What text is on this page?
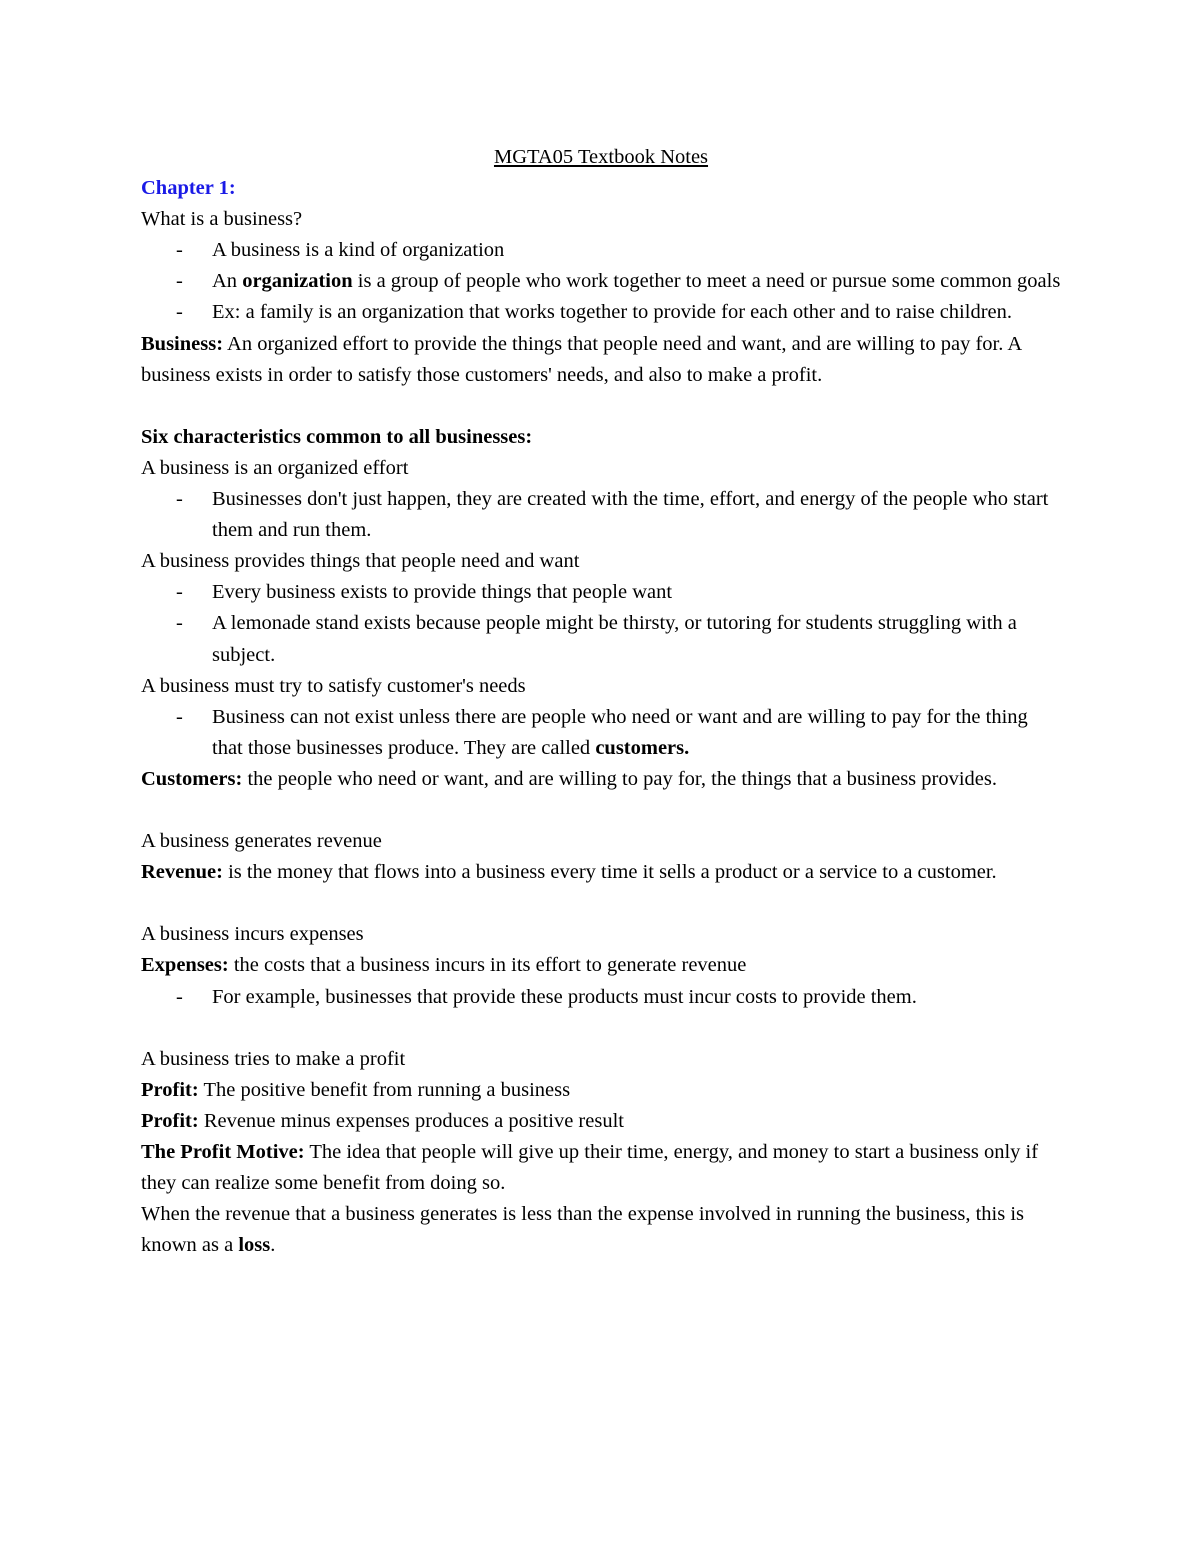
MGTA05 Textbook Notes

Chapter 1:

What is a business?

- A business is a kind of organization
- An organization is a group of people who work together to meet a need or pursue some common goals
- Ex: a family is an organization that works together to provide for each other and to raise children.

Business: An organized effort to provide the things that people need and want, and are willing to pay for. A business exists in order to satisfy those customers' needs, and also to make a profit.

Six characteristics common to all businesses:

A business is an organized effort

- Businesses don't just happen, they are created with the time, effort, and energy of the people who start them and run them.

A business provides things that people need and want

- Every business exists to provide things that people want
- A lemonade stand exists because people might be thirsty, or tutoring for students struggling with a subject.

A business must try to satisfy customer's needs

- Business can not exist unless there are people who need or want and are willing to pay for the thing that those businesses produce. They are called customers.

Customers: the people who need or want, and are willing to pay for, the things that a business provides.

A business generates revenue

Revenue: is the money that flows into a business every time it sells a product or a service to a customer.

A business incurs expenses

Expenses: the costs that a business incurs in its effort to generate revenue

- For example, businesses that provide these products must incur costs to provide them.

A business tries to make a profit

Profit: The positive benefit from running a business

Profit: Revenue minus expenses produces a positive result

The Profit Motive: The idea that people will give up their time, energy, and money to start a business only if they can realize some benefit from doing so.

When the revenue that a business generates is less than the expense involved in running the business, this is known as a loss.
